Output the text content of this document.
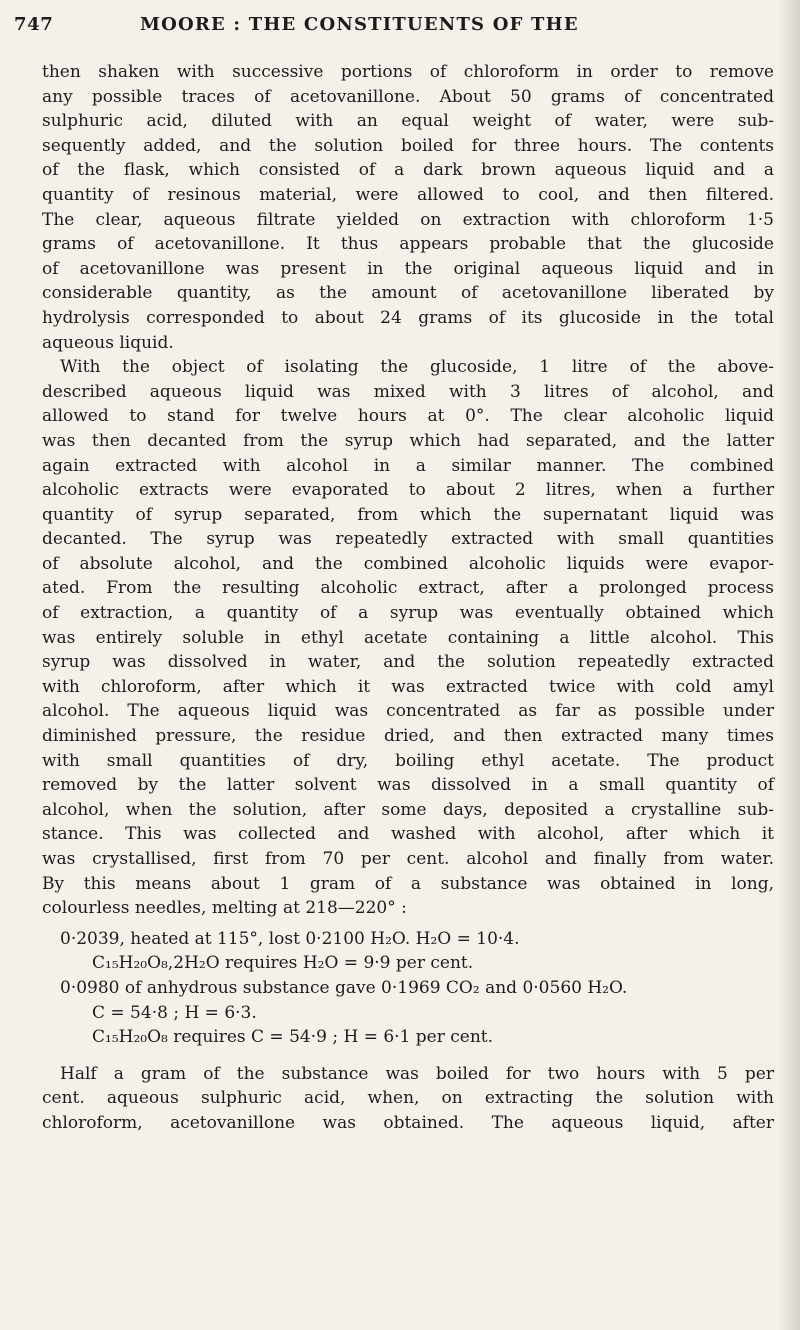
747	MOORE : THE CONSTITUENTS OF THE
then shaken with successive portions of chloroform in order to remove
any possible traces of acetovanillone. About 50 grams of concentrated
sulphuric acid, diluted with an equal weight of water, were sub-
sequently added, and the solution boiled for three hours. The contents
of the flask, which consisted of a dark brown aqueous liquid and a
quantity of resinous material, were allowed to cool, and then filtered.
The clear, aqueous filtrate yielded on extraction with chloroform 1·5
grams of acetovanillone. It thus appears probable that the glucoside
of acetovanillone was present in the original aqueous liquid and in
considerable quantity, as the amount of acetovanillone liberated by
hydrolysis corresponded to about 24 grams of its glucoside in the total
aqueous liquid.
With the object of isolating the glucoside, 1 litre of the above-
described aqueous liquid was mixed with 3 litres of alcohol, and
allowed to stand for twelve hours at 0°. The clear alcoholic liquid
was then decanted from the syrup which had separated, and the latter
again extracted with alcohol in a similar manner. The combined
alcoholic extracts were evaporated to about 2 litres, when a further
quantity of syrup separated, from which the supernatant liquid was
decanted. The syrup was repeatedly extracted with small quantities
of absolute alcohol, and the combined alcoholic liquids were evapor-
ated. From the resulting alcoholic extract, after a prolonged process
of extraction, a quantity of a syrup was eventually obtained which
was entirely soluble in ethyl acetate containing a little alcohol. This
syrup was dissolved in water, and the solution repeatedly extracted
with chloroform, after which it was extracted twice with cold amyl
alcohol. The aqueous liquid was concentrated as far as possible under
diminished pressure, the residue dried, and then extracted many times
with small quantities of dry, boiling ethyl acetate. The product
removed by the latter solvent was dissolved in a small quantity of
alcohol, when the solution, after some days, deposited a crystalline sub-
stance. This was collected and washed with alcohol, after which it
was crystallised, first from 70 per cent. alcohol and finally from water.
By this means about 1 gram of a substance was obtained in long,
colourless needles, melting at 218—220° :
0·2039, heated at 115°, lost 0·2100 H₂O. H₂O = 10·4.
C₁₅H₂₀O₈,2H₂O requires H₂O = 9·9 per cent.
0·0980 of anhydrous substance gave 0·1969 CO₂ and 0·0560 H₂O.
C = 54·8 ; H = 6·3.
C₁₅H₂₀O₈ requires C = 54·9 ; H = 6·1 per cent.
Half a gram of the substance was boiled for two hours with 5 per
cent. aqueous sulphuric acid, when, on extracting the solution with
chloroform, acetovanillone was obtained. The aqueous liquid, after
